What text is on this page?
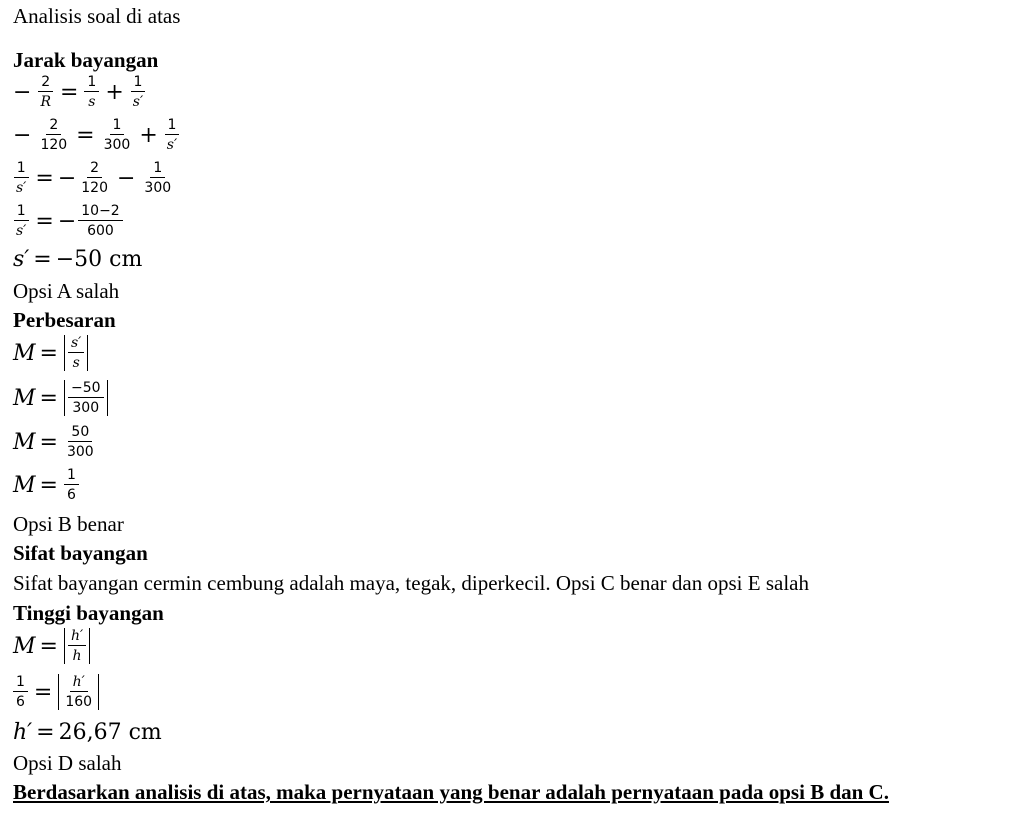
Analisis soal di atas
Jarak bayangan
− $\frac{2}{R} = \frac{1}{s} + \frac{1}{s'}$
− $\frac{2}{120} = \frac{1}{300} + \frac{1}{s'}$
$\frac{1}{s'}$ = − $\frac{2}{120} - \frac{1}{300}$
$\frac{1}{s'}$ = − $\frac{10-2}{600}$
s′ = −50 cm
Opsi A salah
Perbesaran
$M = \frac{s'}{s}$
$M = \frac{-50}{300}$
$M = \frac{50}{300}$
$M = \frac{1}{6}$
Opsi B benar
Sifat bayangan
Sifat bayangan cermin cembung adalah maya, tegak, diperkecil. Opsi C benar dan opsi E salah
Tinggi bayangan
$M = \frac{h'}{h}$
$\frac{1}{6} = \frac{h'}{160}$
h′ = 26,67 cm
Opsi D salah
Berdasarkan analisis di atas, maka pernyataan yang benar adalah pernyataan pada opsi B dan C.
